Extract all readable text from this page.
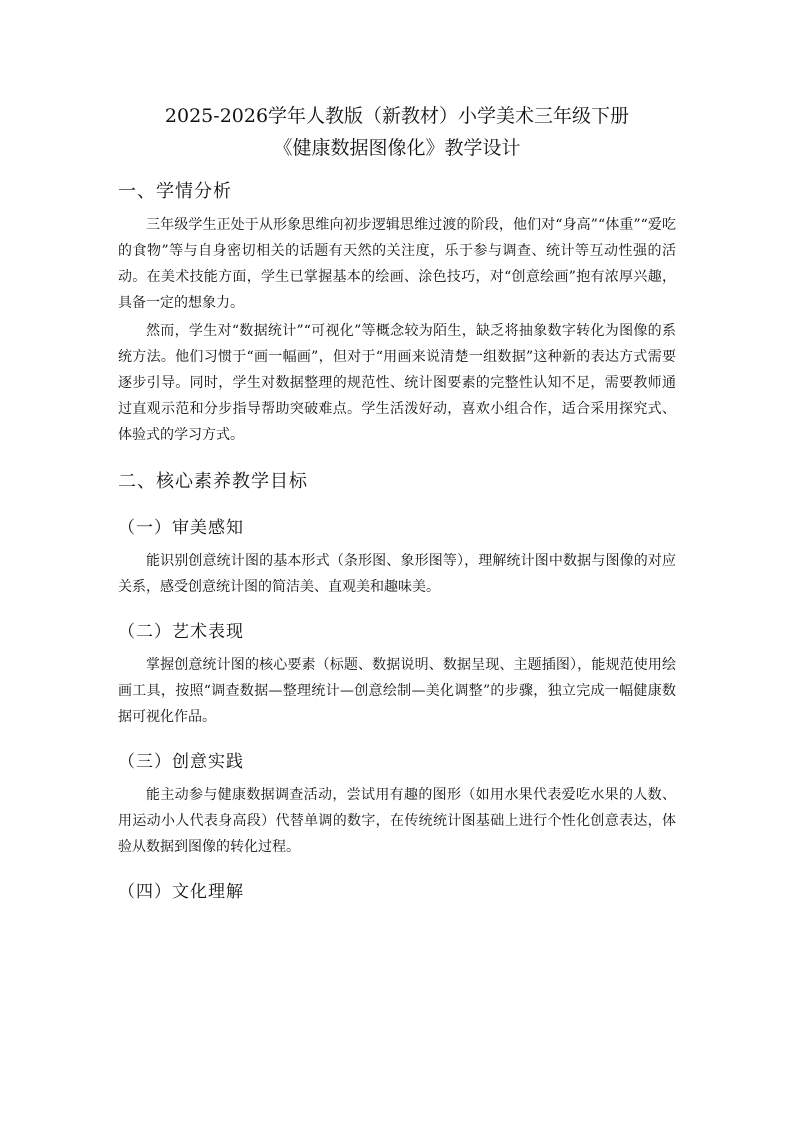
2025-2026学年人教版（新教材）小学美术三年级下册
《健康数据图像化》教学设计
一、学情分析

三年级学生正处于从形象思维向初步逻辑思维过渡的阶段，他们对“身高”“体重”“爱吃的食物”等与自身密切相关的话题有天然的关注度，乐于参与调查、统计等互动性强的活动。在美术技能方面，学生已掌握基本的绘画、涂色技巧，对“创意绘画”抱有浓厚兴趣，具备一定的想象力。

然而，学生对“数据统计”“可视化”等概念较为陌生，缺乏将抽象数字转化为图像的系统方法。他们习惯于“画一幅画”，但对于“用画来说清楚一组数据”这种新的表达方式需要逐步引导。同时，学生对数据整理的规范性、统计图要素的完整性认知不足，需要教师通过直观示范和分步指导帮助突破难点。学生活泼好动，喜欢小组合作，适合采用探究式、体验式的学习方式。

二、核心素养教学目标
（一）审美感知

能识别创意统计图的基本形式（条形图、象形图等），理解统计图中数据与图像的对应关系，感受创意统计图的简洁美、直观美和趣味美。

（二）艺术表现

掌握创意统计图的核心要素（标题、数据说明、数据呈现、主题插图），能规范使用绘画工具，按照“调查数据—整理统计—创意绘制—美化调整”的步骤，独立完成一幅健康数据可视化作品。

（三）创意实践

能主动参与健康数据调查活动，尝试用有趣的图形（如用水果代表爱吃水果的人数、用运动小人代表身高段）代替单调的数字，在传统统计图基础上进行个性化创意表达，体验从数据到图像的转化过程。

（四）文化理解
